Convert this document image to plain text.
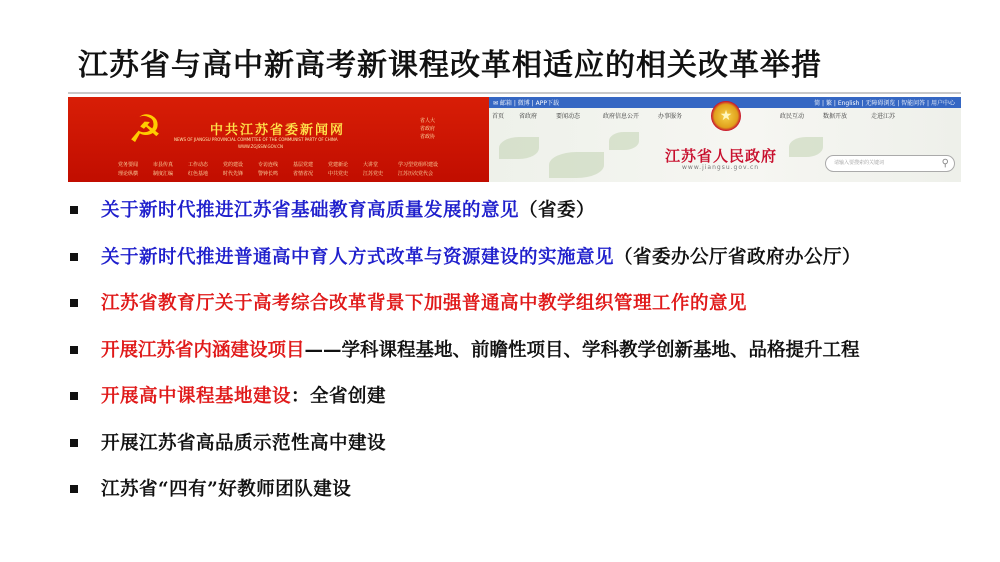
江苏省与高中新高考新课程改革相适应的相关改革举措
☭	中共江苏省委新闻网
NEWS OF JIANGSU PROVINCIAL COMMITTEE OF THE COMMUNIST PARTY OF CHINA
WWW.ZGJSSW.GOV.CN
省人大
省政府
省政协
党务要闻	市县传真	工作动态	党的建设	专访连线	基层党建	党建新论	大讲堂	学习型党组织建设
理论纵横	制度汇编	红色基地	时代先锋	警钟长鸣	省情省况	中共党史	江苏党史	江苏历次党代会
✉ 邮箱 | 微博 | APP下载	简 | 繁 | English | 无障碍浏览 | 智能问答 | 用户中心
首页 省政府	要闻动态	政府信息公开	办事服务	政民互动	数据开放	走进江苏
★
江苏省人民政府
www.jiangsu.gov.cn
请输入要搜索的关键词	⚲
关于新时代推进江苏省基础教育高质量发展的意见（省委）
关于新时代推进普通高中育人方式改革与资源建设的实施意见（省委办公厅省政府办公厅）
江苏省教育厅关于高考综合改革背景下加强普通高中教学组织管理工作的意见
开展江苏省内涵建设项目——学科课程基地、前瞻性项目、学科教学创新基地、品格提升工程
开展高中课程基地建设：全省创建
开展江苏省高品质示范性高中建设
江苏省“四有”好教师团队建设
